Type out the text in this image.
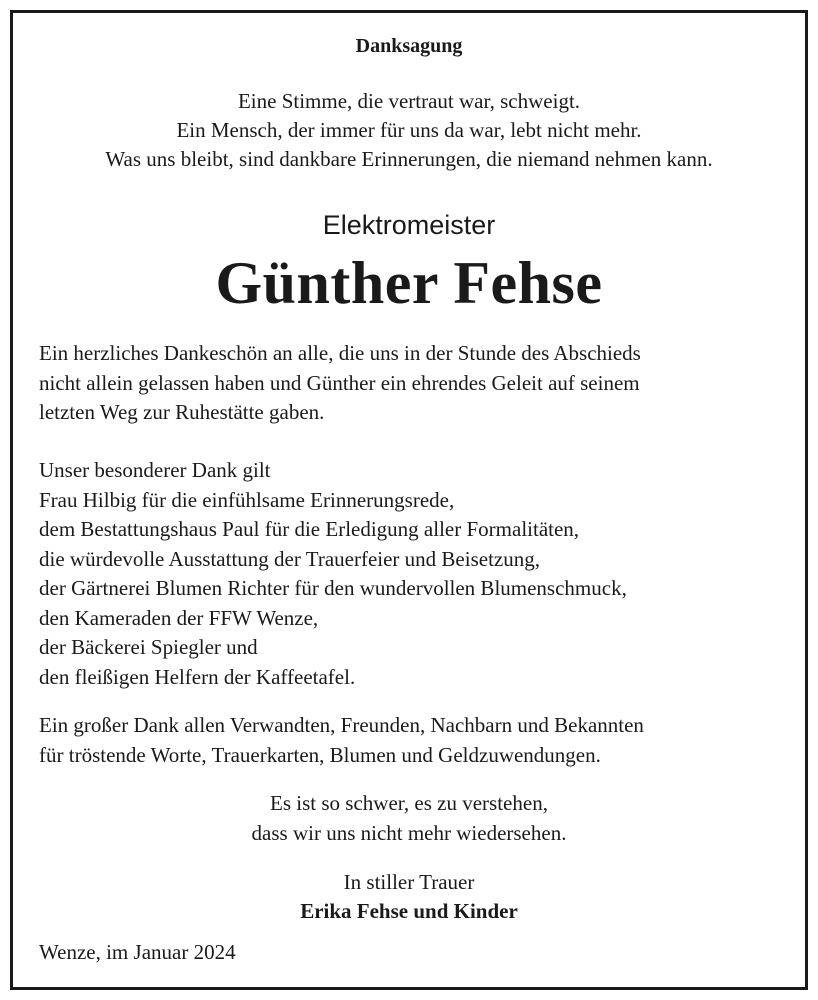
Danksagung
Eine Stimme, die vertraut war, schweigt.
Ein Mensch, der immer für uns da war, lebt nicht mehr.
Was uns bleibt, sind dankbare Erinnerungen, die niemand nehmen kann.
Elektromeister
Günther Fehse
Ein herzliches Dankeschön an alle, die uns in der Stunde des Abschieds
nicht allein gelassen haben und Günther ein ehrendes Geleit auf seinem
letzten Weg zur Ruhestätte gaben.
Unser besonderer Dank gilt
Frau Hilbig für die einfühlsame Erinnerungsrede,
dem Bestattungshaus Paul für die Erledigung aller Formalitäten,
die würdevolle Ausstattung der Trauerfeier und Beisetzung,
der Gärtnerei Blumen Richter für den wundervollen Blumenschmuck,
den Kameraden der FFW Wenze,
der Bäckerei Spiegler und
den fleißigen Helfern der Kaffeetafel.
Ein großer Dank allen Verwandten, Freunden, Nachbarn und Bekannten
für tröstende Worte, Trauerkarten, Blumen und Geldzuwendungen.
Es ist so schwer, es zu verstehen,
dass wir uns nicht mehr wiedersehen.
In stiller Trauer
Erika Fehse und Kinder
Wenze, im Januar 2024
